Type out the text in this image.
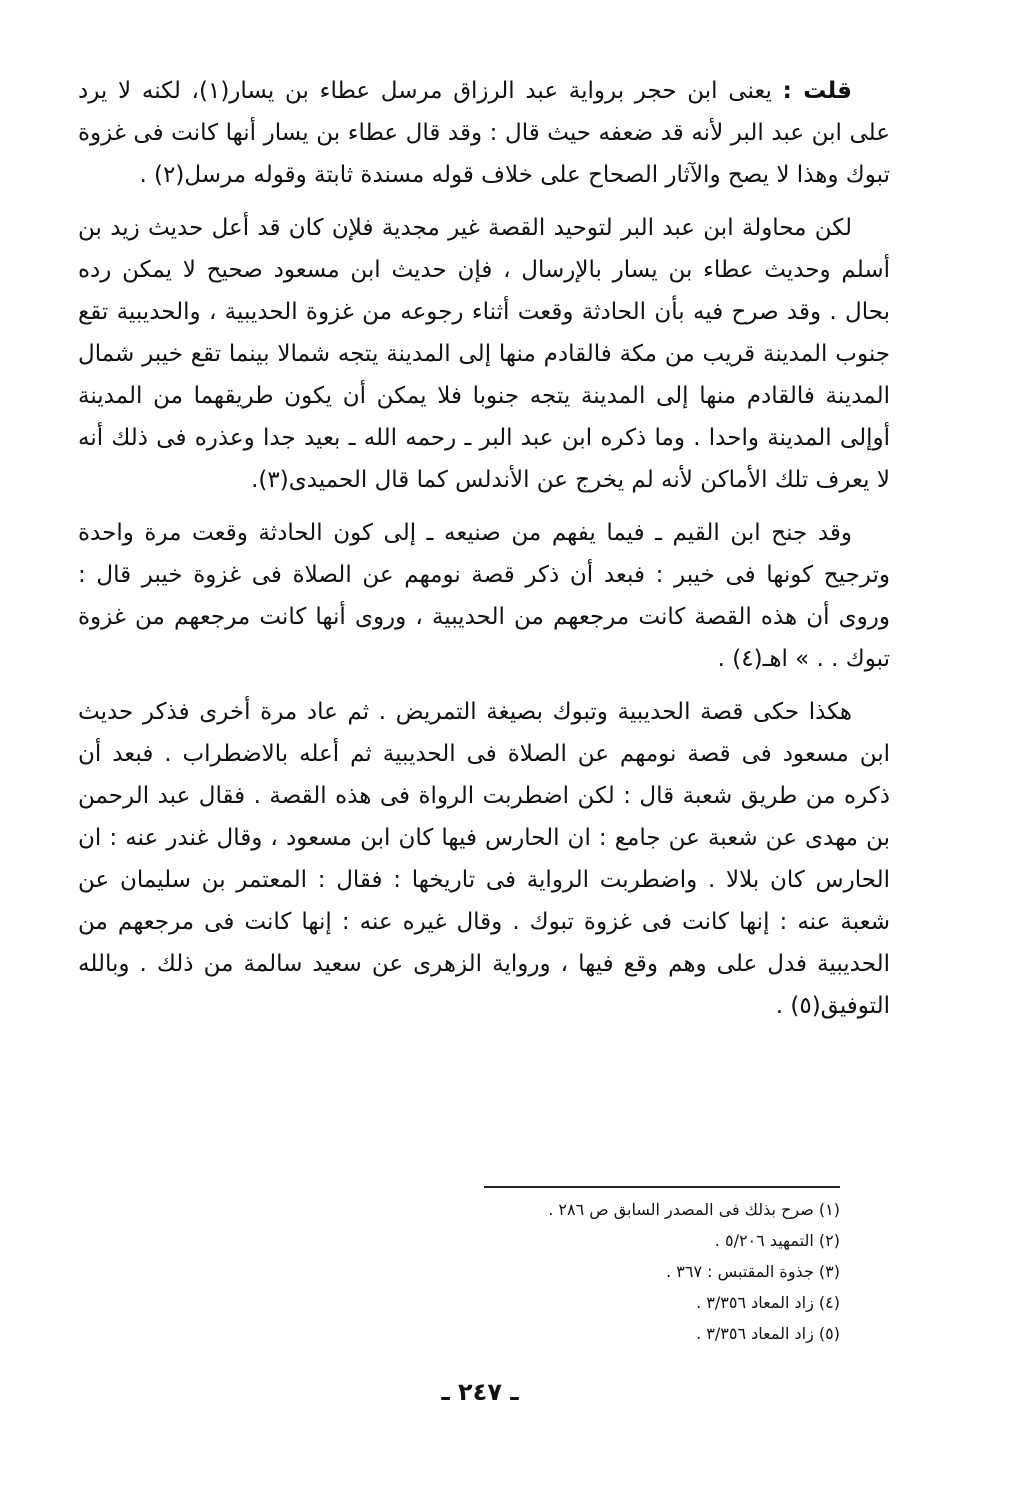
قلت : يعنى ابن حجر برواية عبد الرزاق مرسل عطاء بن يسار(١)، لكنه لا يرد على ابن عبد البر لأنه قد ضعفه حيث قال : وقد قال عطاء بن يسار أنها كانت فى غزوة تبوك وهذا لا يصح والآثار الصحاح على خلاف قوله مسندة ثابتة وقوله مرسل(٢) .

لكن محاولة ابن عبد البر لتوحيد القصة غير مجدية فلإن كان قد أعل حديث زيد بن أسلم وحديث عطاء بن يسار بالإرسال ، فإن حديث ابن مسعود صحيح لا يمكن رده بحال . وقد صرح فيه بأن الحادثة وقعت أثناء رجوعه من غزوة الحديبية ، والحديبية تقع جنوب المدينة قريب من مكة فالقادم منها إلى المدينة يتجه شمالا بينما تقع خيبر شمال المدينة فالقادم منها إلى المدينة يتجه جنوبا فلا يمكن أن يكون طريقهما من المدينة أوإلى المدينة واحدا . وما ذكره ابن عبد البر ـ رحمه الله ـ بعيد جدا وعذره فى ذلك أنه لا يعرف تلك الأماكن لأنه لم يخرج عن الأندلس كما قال الحميدى(٣).

وقد جنح ابن القيم ـ فيما يفهم من صنيعه ـ إلى كون الحادثة وقعت مرة واحدة وترجيح كونها فى خيبر : فبعد أن ذكر قصة نومهم عن الصلاة فى غزوة خيبر قال : وروى أن هذه القصة كانت مرجعهم من الحديبية ، وروى أنها كانت مرجعهم من غزوة تبوك . . » اهـ(٤) .

هكذا حكى قصة الحديبية وتبوك بصيغة التمريض . ثم عاد مرة أخرى فذكر حديث ابن مسعود فى قصة نومهم عن الصلاة فى الحديبية ثم أعله بالاضطراب . فبعد أن ذكره من طريق شعبة قال : لكن اضطربت الرواة فى هذه القصة . فقال عبد الرحمن بن مهدى عن شعبة عن جامع : ان الحارس فيها كان ابن مسعود ، وقال غندر عنه : ان الحارس كان بلالا . واضطربت الرواية فى تاريخها : فقال : المعتمر بن سليمان عن شعبة عنه : إنها كانت فى غزوة تبوك . وقال غيره عنه : إنها كانت فى مرجعهم من الحديبية فدل على وهم وقع فيها ، ورواية الزهرى عن سعيد سالمة من ذلك . وبالله التوفيق(٥) .

(١) صرح بذلك فى المصدر السابق ص ٢٨٦ .

(٢) التمهيد ٥/٢٠٦ .

(٣) جذوة المقتبس : ٣٦٧ .

(٤) زاد المعاد ٣/٣٥٦ .

(٥) زاد المعاد ٣/٣٥٦ .

ـ ٢٤٧ ـ
